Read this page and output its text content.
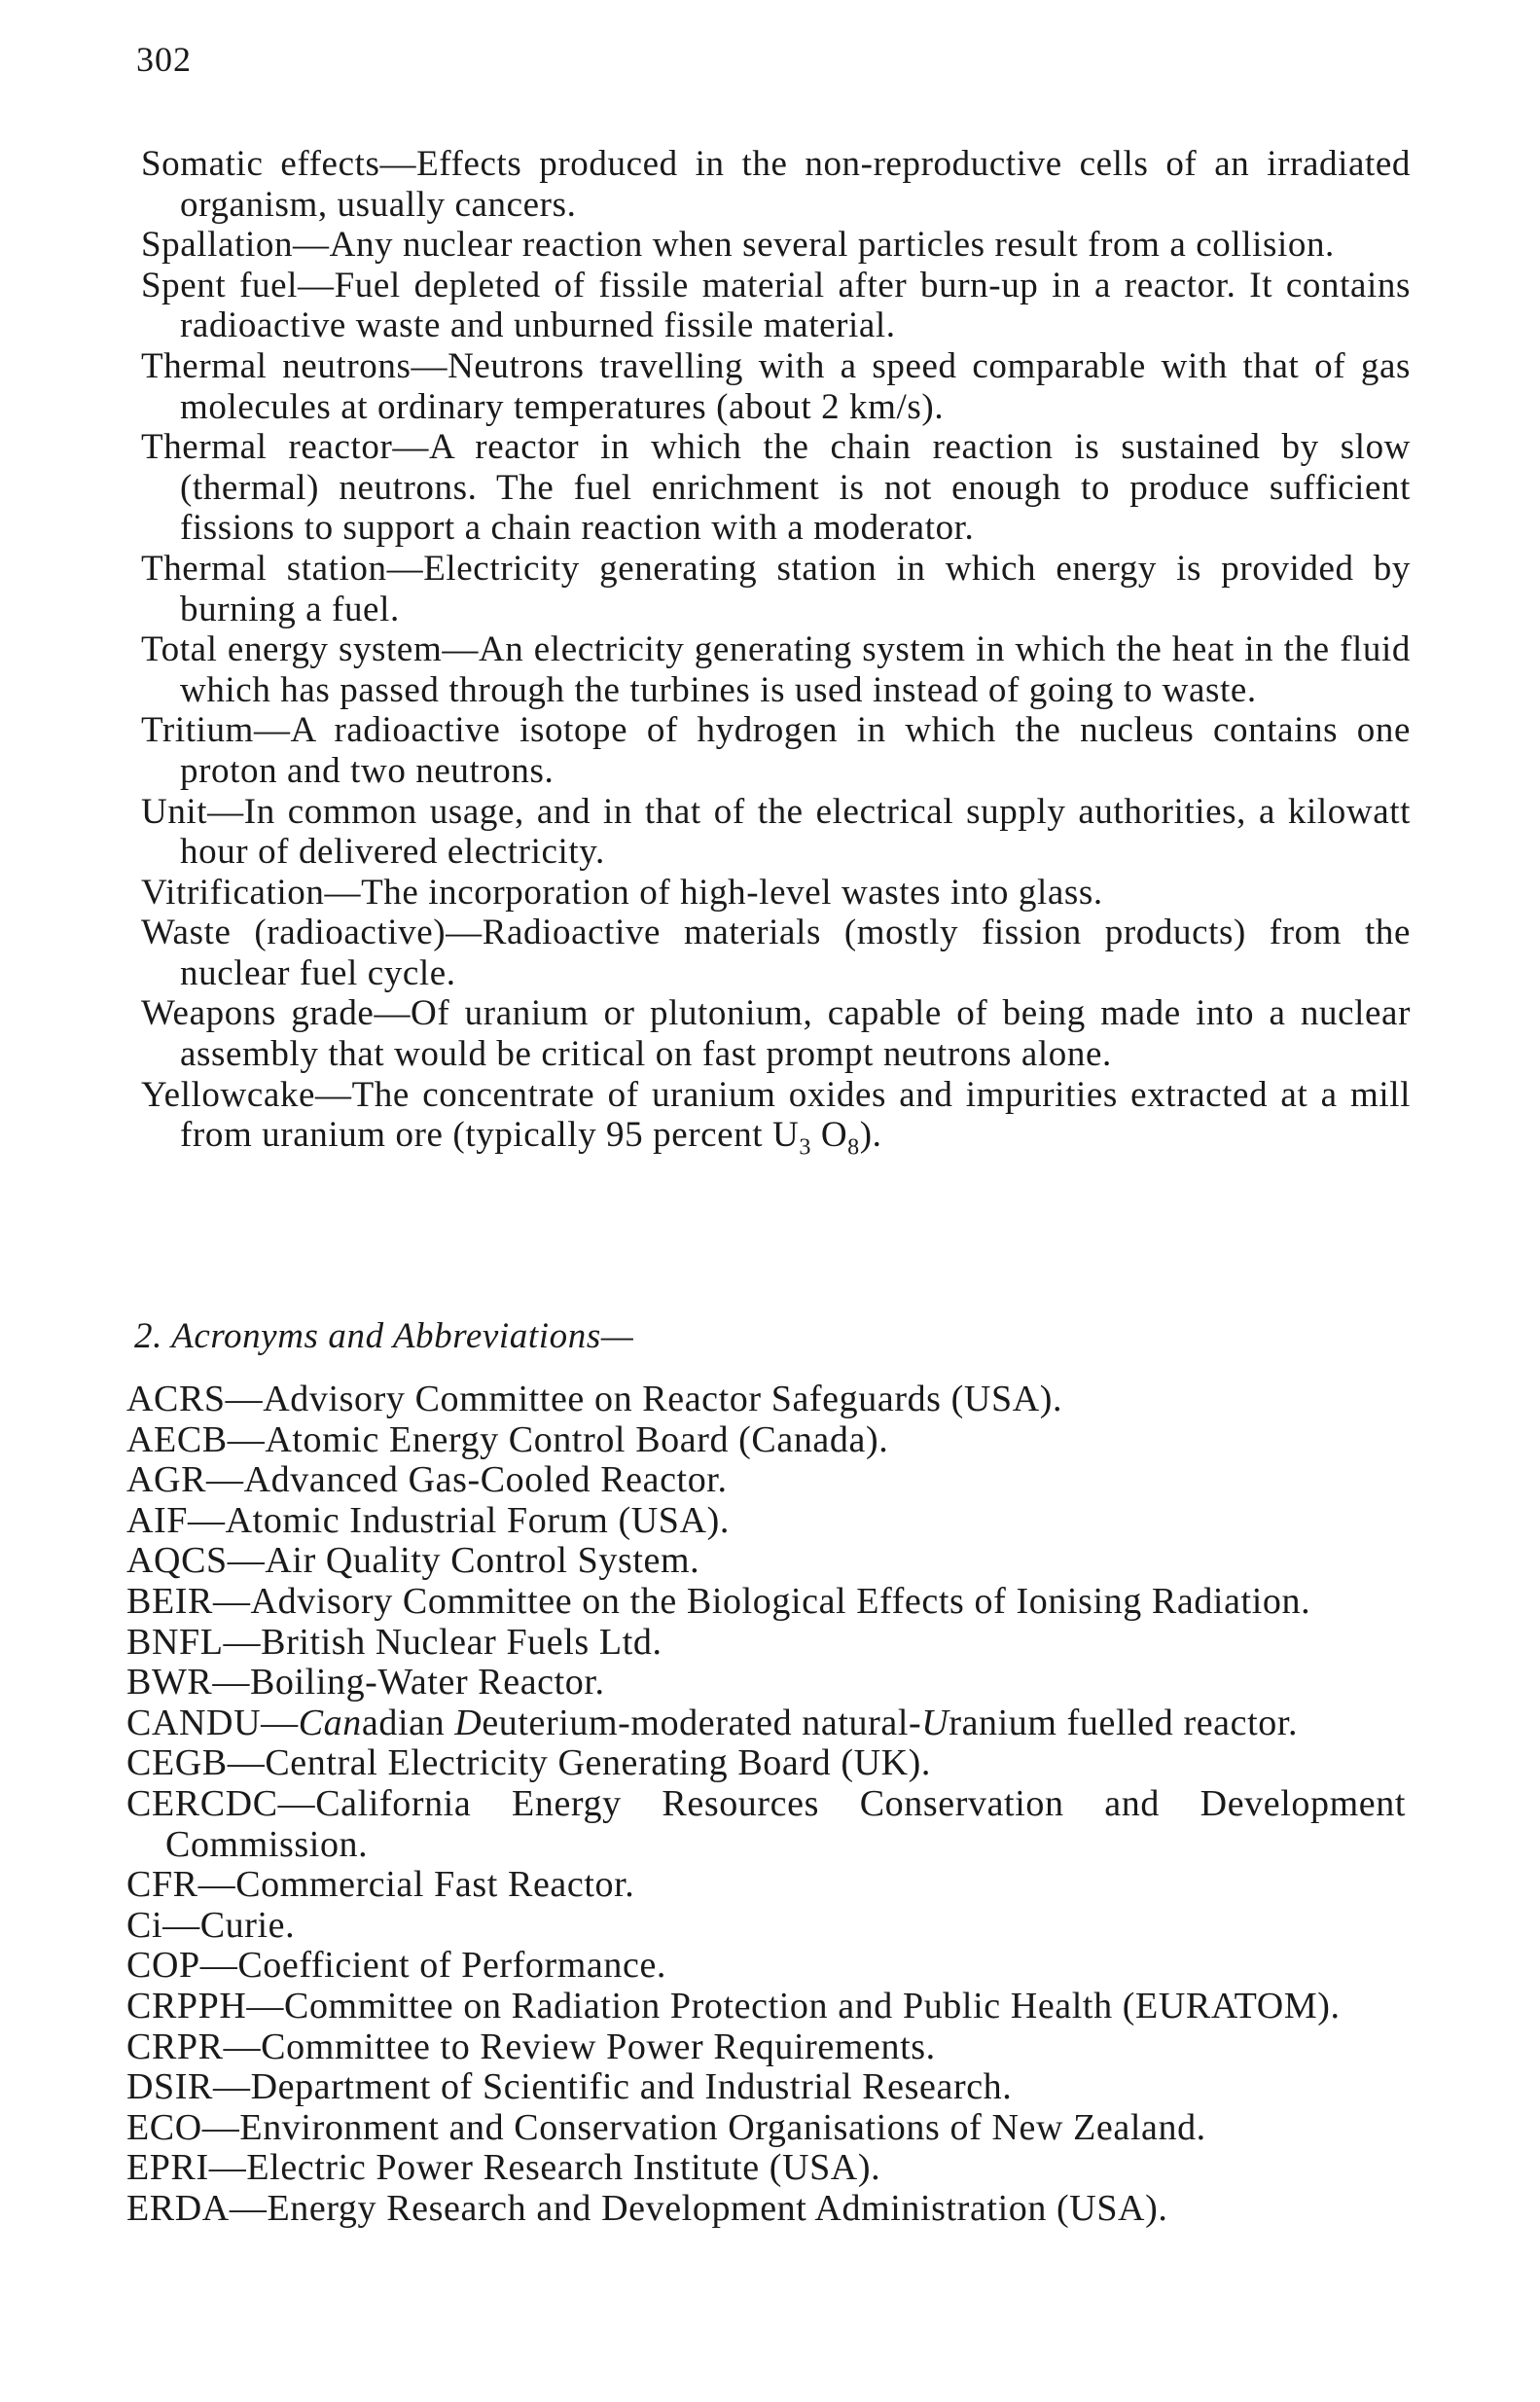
302
Somatic effects—Effects produced in the non-reproductive cells of an irradiated organism, usually cancers.
Spallation—Any nuclear reaction when several particles result from a collision.
Spent fuel—Fuel depleted of fissile material after burn-up in a reactor. It contains radioactive waste and unburned fissile material.
Thermal neutrons—Neutrons travelling with a speed comparable with that of gas molecules at ordinary temperatures (about 2 km/s).
Thermal reactor—A reactor in which the chain reaction is sustained by slow (thermal) neutrons. The fuel enrichment is not enough to produce sufficient fissions to support a chain reaction with a moderator.
Thermal station—Electricity generating station in which energy is provided by burning a fuel.
Total energy system—An electricity generating system in which the heat in the fluid which has passed through the turbines is used instead of going to waste.
Tritium—A radioactive isotope of hydrogen in which the nucleus contains one proton and two neutrons.
Unit—In common usage, and in that of the electrical supply authorities, a kilowatt hour of delivered electricity.
Vitrification—The incorporation of high-level wastes into glass.
Waste (radioactive)—Radioactive materials (mostly fission products) from the nuclear fuel cycle.
Weapons grade—Of uranium or plutonium, capable of being made into a nuclear assembly that would be critical on fast prompt neutrons alone.
Yellowcake—The concentrate of uranium oxides and impurities extracted at a mill from uranium ore (typically 95 percent $U_3$ $O_8$).
2. Acronyms and Abbreviations—
ACRS—Advisory Committee on Reactor Safeguards (USA).
AECB—Atomic Energy Control Board (Canada).
AGR—Advanced Gas-Cooled Reactor.
AIF—Atomic Industrial Forum (USA).
AQCS—Air Quality Control System.
BEIR—Advisory Committee on the Biological Effects of Ionising Radiation.
BNFL—British Nuclear Fuels Ltd.
BWR—Boiling-Water Reactor.
CANDU—Canadian Deuterium-moderated natural-Uranium fuelled reactor.
CEGB—Central Electricity Generating Board (UK).
CERCDC—California Energy Resources Conservation and Development Commission.
CFR—Commercial Fast Reactor.
Ci—Curie.
COP—Coefficient of Performance.
CRPPH—Committee on Radiation Protection and Public Health (EURATOM).
CRPR—Committee to Review Power Requirements.
DSIR—Department of Scientific and Industrial Research.
ECO—Environment and Conservation Organisations of New Zealand.
EPRI—Electric Power Research Institute (USA).
ERDA—Energy Research and Development Administration (USA).
